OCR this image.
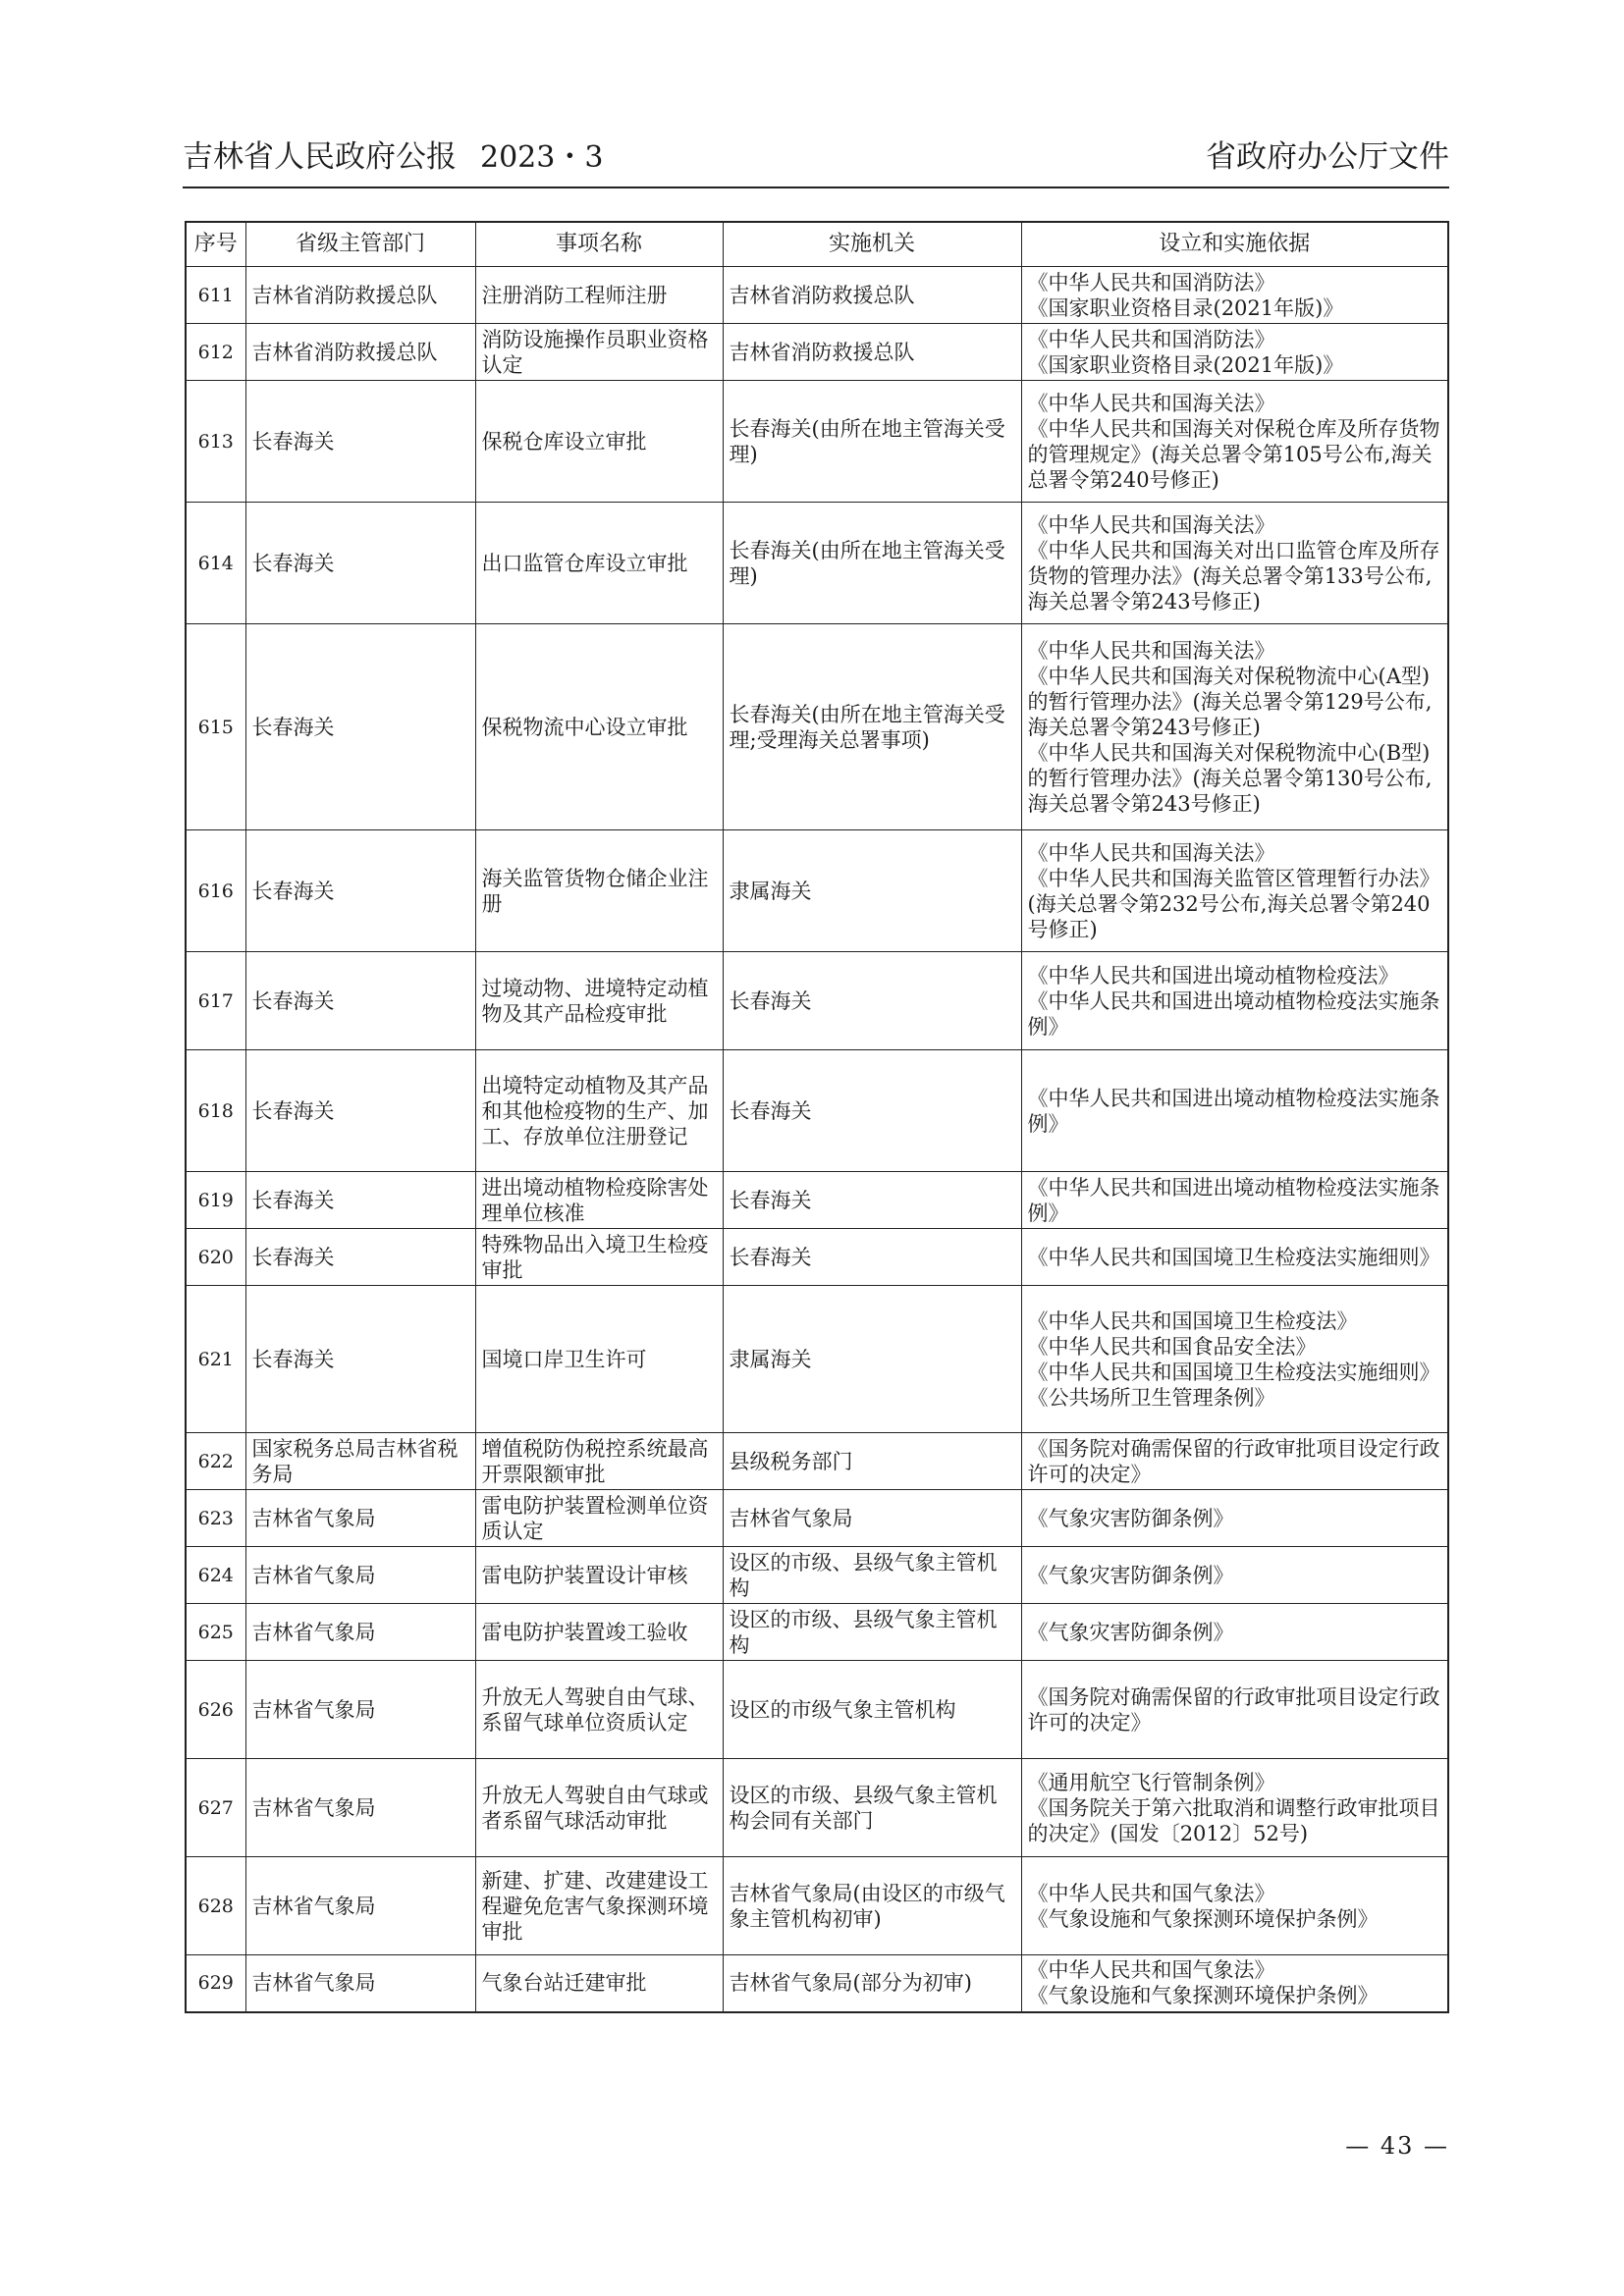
吉林省人民政府公报 2023・3	省政府办公厅文件
序号	省级主管部门	事项名称	实施机关	设立和实施依据
611	吉林省消防救援总队	注册消防工程师注册	吉林省消防救援总队	《中华人民共和国消防法》
《国家职业资格目录(2021年版)》

612	吉林省消防救援总队	消防设施操作员职业资格认定	吉林省消防救援总队	《中华人民共和国消防法》
《国家职业资格目录(2021年版)》

613	长春海关	保税仓库设立审批	长春海关(由所在地主管海关受理)	《中华人民共和国海关法》
《中华人民共和国海关对保税仓库及所存货物的管理规定》(海关总署令第105号公布,海关总署令第240号修正)

614	长春海关	出口监管仓库设立审批	长春海关(由所在地主管海关受理)	《中华人民共和国海关法》
《中华人民共和国海关对出口监管仓库及所存货物的管理办法》(海关总署令第133号公布,海关总署令第243号修正)

615	长春海关	保税物流中心设立审批	长春海关(由所在地主管海关受理;受理海关总署事项)	《中华人民共和国海关法》
《中华人民共和国海关对保税物流中心(A型)的暂行管理办法》(海关总署令第129号公布,海关总署令第243号修正)
《中华人民共和国海关对保税物流中心(B型)的暂行管理办法》(海关总署令第130号公布,海关总署令第243号修正)

616	长春海关	海关监管货物仓储企业注册	隶属海关	《中华人民共和国海关法》
《中华人民共和国海关监管区管理暂行办法》(海关总署令第232号公布,海关总署令第240号修正)

617	长春海关	过境动物、进境特定动植物及其产品检疫审批	长春海关	《中华人民共和国进出境动植物检疫法》
《中华人民共和国进出境动植物检疫法实施条例》

618	长春海关	出境特定动植物及其产品和其他检疫物的生产、加工、存放单位注册登记	长春海关	《中华人民共和国进出境动植物检疫法实施条例》

619	长春海关	进出境动植物检疫除害处理单位核准	长春海关	《中华人民共和国进出境动植物检疫法实施条例》

620	长春海关	特殊物品出入境卫生检疫审批	长春海关	《中华人民共和国国境卫生检疫法实施细则》

621	长春海关	国境口岸卫生许可	隶属海关	《中华人民共和国国境卫生检疫法》
《中华人民共和国食品安全法》
《中华人民共和国国境卫生检疫法实施细则》
《公共场所卫生管理条例》

622	国家税务总局吉林省税务局	增值税防伪税控系统最高开票限额审批	县级税务部门	《国务院对确需保留的行政审批项目设定行政许可的决定》

623	吉林省气象局	雷电防护装置检测单位资质认定	吉林省气象局	《气象灾害防御条例》

624	吉林省气象局	雷电防护装置设计审核	设区的市级、县级气象主管机构	《气象灾害防御条例》

625	吉林省气象局	雷电防护装置竣工验收	设区的市级、县级气象主管机构	《气象灾害防御条例》

626	吉林省气象局	升放无人驾驶自由气球、系留气球单位资质认定	设区的市级气象主管机构	《国务院对确需保留的行政审批项目设定行政许可的决定》

627	吉林省气象局	升放无人驾驶自由气球或者系留气球活动审批	设区的市级、县级气象主管机构会同有关部门	《通用航空飞行管制条例》
《国务院关于第六批取消和调整行政审批项目的决定》(国发〔2012〕52号)

628	吉林省气象局	新建、扩建、改建建设工程避免危害气象探测环境审批	吉林省气象局(由设区的市级气象主管机构初审)	《中华人民共和国气象法》
《气象设施和气象探测环境保护条例》

629	吉林省气象局	气象台站迁建审批	吉林省气象局(部分为初审)	《中华人民共和国气象法》
《气象设施和气象探测环境保护条例》
— 43 —
